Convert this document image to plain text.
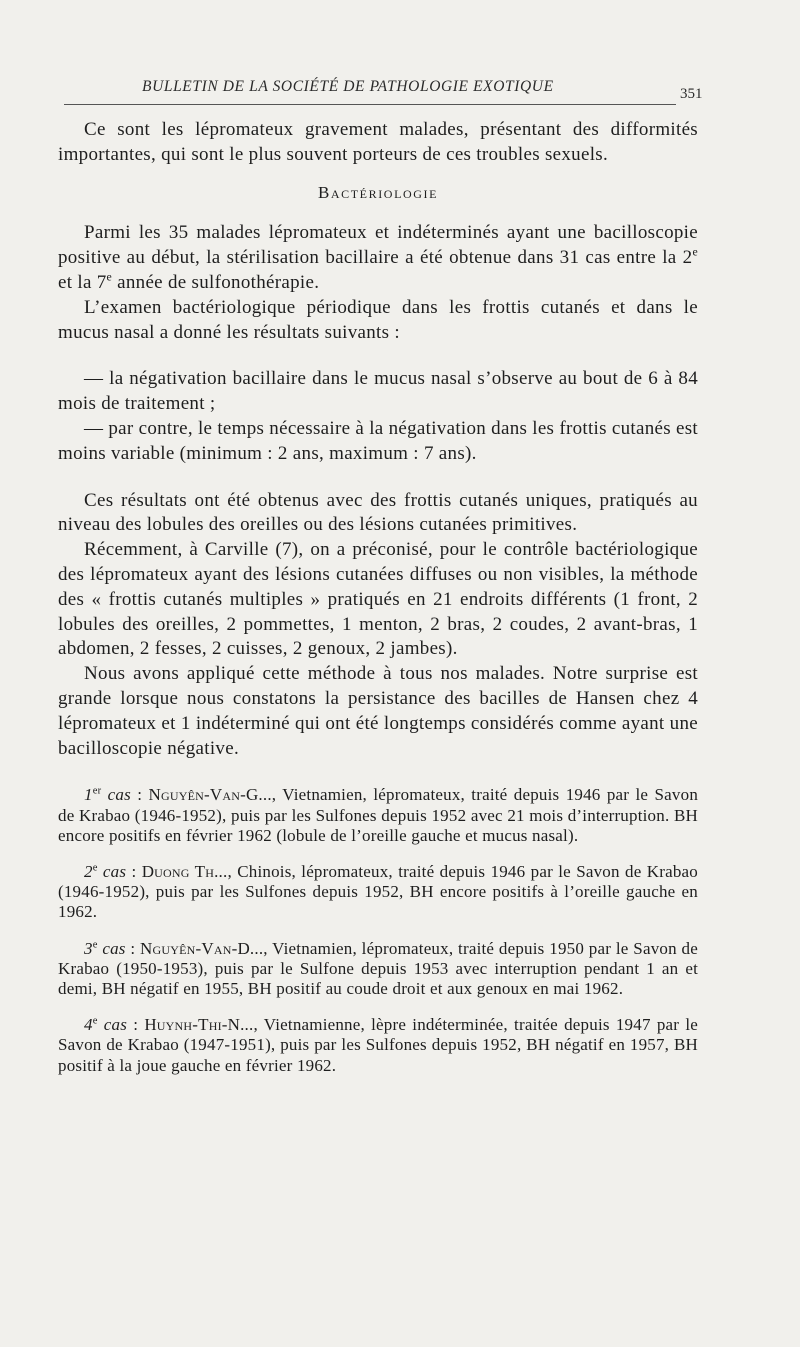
BULLETIN DE LA SOCIÉTÉ DE PATHOLOGIE EXOTIQUE	351

Ce sont les lépromateux gravement malades, présentant des difformités importantes, qui sont le plus souvent porteurs de ces troubles sexuels.

Bactériologie

Parmi les 35 malades lépromateux et indéterminés ayant une bacilloscopie positive au début, la stérilisation bacillaire a été obtenue dans 31 cas entre la 2e et la 7e année de sulfonothérapie.

L’examen bactériologique périodique dans les frottis cutanés et dans le mucus nasal a donné les résultats suivants :

— la négativation bacillaire dans le mucus nasal s’observe au bout de 6 à 84 mois de traitement ;

— par contre, le temps nécessaire à la négativation dans les frottis cutanés est moins variable (minimum : 2 ans, maximum : 7 ans).

Ces résultats ont été obtenus avec des frottis cutanés uniques, pratiqués au niveau des lobules des oreilles ou des lésions cutanées primitives.

Récemment, à Carville (7), on a préconisé, pour le contrôle bactériologique des lépromateux ayant des lésions cutanées diffuses ou non visibles, la méthode des « frottis cutanés multiples » pratiqués en 21 endroits différents (1 front, 2 lobules des oreilles, 2 pommettes, 1 menton, 2 bras, 2 coudes, 2 avant-bras, 1 abdomen, 2 fesses, 2 cuisses, 2 genoux, 2 jambes).

Nous avons appliqué cette méthode à tous nos malades. Notre surprise est grande lorsque nous constatons la persistance des bacilles de Hansen chez 4 lépromateux et 1 indéterminé qui ont été longtemps considérés comme ayant une bacilloscopie négative.

1er cas : Nguyên-Van-G..., Vietnamien, lépromateux, traité depuis 1946 par le Savon de Krabao (1946-1952), puis par les Sulfones depuis 1952 avec 21 mois d’interruption. BH encore positifs en février 1962 (lobule de l’oreille gauche et mucus nasal).

2e cas : Duong Th..., Chinois, lépromateux, traité depuis 1946 par le Savon de Krabao (1946-1952), puis par les Sulfones depuis 1952, BH encore positifs à l’oreille gauche en 1962.

3e cas : Nguyên-Van-D..., Vietnamien, lépromateux, traité depuis 1950 par le Savon de Krabao (1950-1953), puis par le Sulfone depuis 1953 avec interruption pendant 1 an et demi, BH négatif en 1955, BH positif au coude droit et aux genoux en mai 1962.

4e cas : Huynh-Thi-N..., Vietnamienne, lèpre indéterminée, traitée depuis 1947 par le Savon de Krabao (1947-1951), puis par les Sulfones depuis 1952, BH négatif en 1957, BH positif à la joue gauche en février 1962.
